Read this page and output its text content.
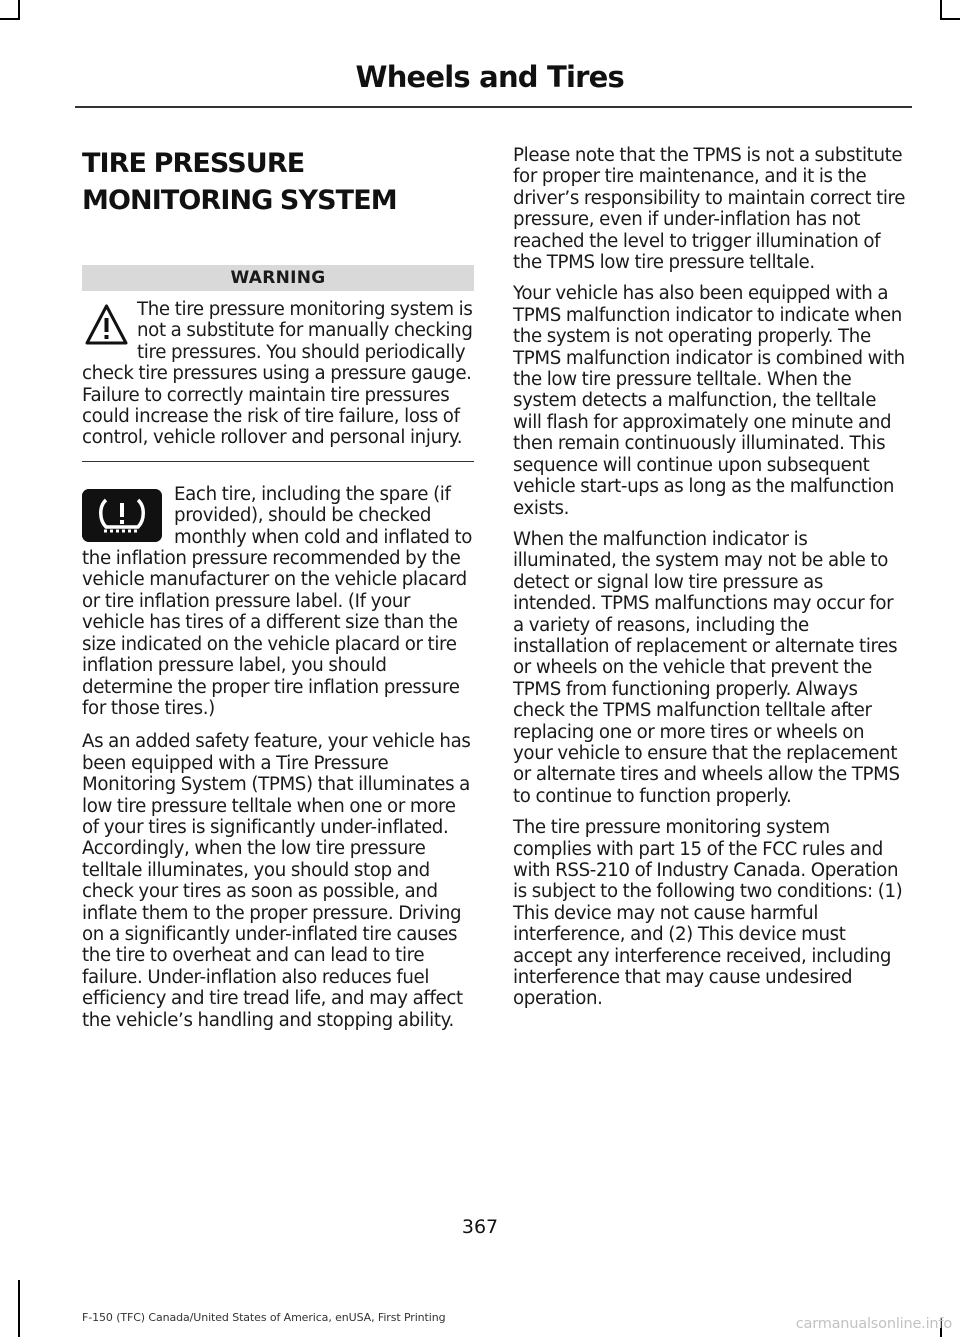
Wheels and Tires
TIRE PRESSURE MONITORING SYSTEM
WARNING

The tire pressure monitoring system is not a substitute for manually checking tire pressures. You should periodically check tire pressures using a pressure gauge. Failure to correctly maintain tire pressures could increase the risk of tire failure, loss of control, vehicle rollover and personal injury.

Each tire, including the spare (if provided), should be checked monthly when cold and inflated to the inflation pressure recommended by the vehicle manufacturer on the vehicle placard or tire inflation pressure label. (If your vehicle has tires of a different size than the size indicated on the vehicle placard or tire inflation pressure label, you should determine the proper tire inflation pressure for those tires.)

As an added safety feature, your vehicle has been equipped with a Tire Pressure Monitoring System (TPMS) that illuminates a low tire pressure telltale when one or more of your tires is significantly under-inflated. Accordingly, when the low tire pressure telltale illuminates, you should stop and check your tires as soon as possible, and inflate them to the proper pressure. Driving on a significantly under-inflated tire causes the tire to overheat and can lead to tire failure. Under-inflation also reduces fuel efficiency and tire tread life, and may affect the vehicle’s handling and stopping ability.

Please note that the TPMS is not a substitute for proper tire maintenance, and it is the driver’s responsibility to maintain correct tire pressure, even if under-inflation has not reached the level to trigger illumination of the TPMS low tire pressure telltale.

Your vehicle has also been equipped with a TPMS malfunction indicator to indicate when the system is not operating properly. The TPMS malfunction indicator is combined with the low tire pressure telltale. When the system detects a malfunction, the telltale will flash for approximately one minute and then remain continuously illuminated. This sequence will continue upon subsequent vehicle start-ups as long as the malfunction exists.

When the malfunction indicator is illuminated, the system may not be able to detect or signal low tire pressure as intended. TPMS malfunctions may occur for a variety of reasons, including the installation of replacement or alternate tires or wheels on the vehicle that prevent the TPMS from functioning properly. Always check the TPMS malfunction telltale after replacing one or more tires or wheels on your vehicle to ensure that the replacement or alternate tires and wheels allow the TPMS to continue to function properly.

The tire pressure monitoring system complies with part 15 of the FCC rules and with RSS-210 of Industry Canada. Operation is subject to the following two conditions: (1) This device may not cause harmful interference, and (2) This device must accept any interference received, including interference that may cause undesired operation.

367
F-150 (TFC) Canada/United States of America, enUSA, First Printing	carmanualsonline.info
